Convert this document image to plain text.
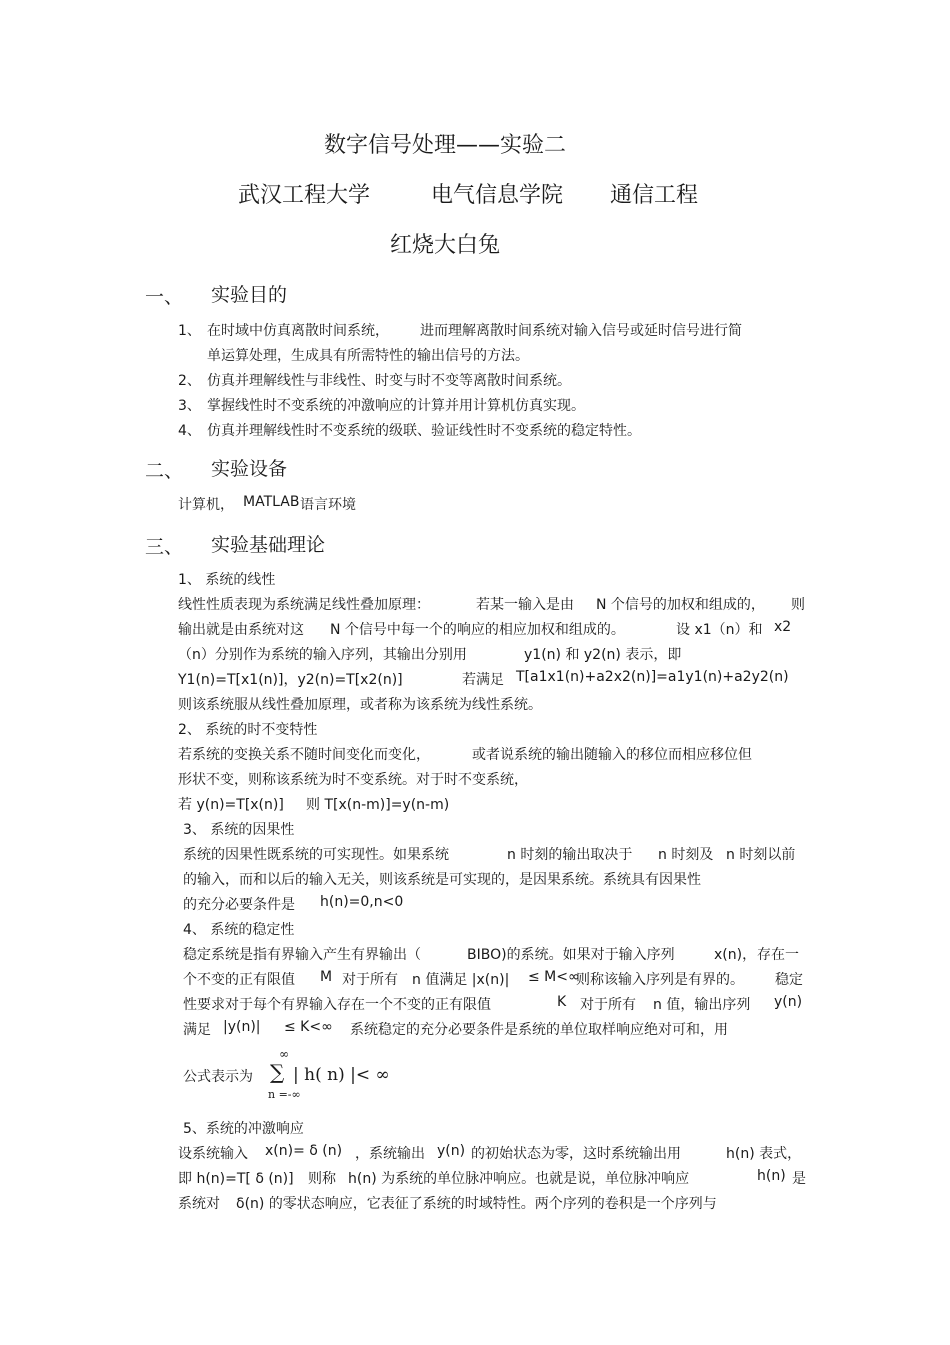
数字信号处理——实验二
武汉工程大学	电气信息学院 通信工程
红烧大白兔
一、 实验目的
1、 在时域中仿真离散时间系统， 进而理解离散时间系统对输入信号或延时信号进行简
单运算处理，生成具有所需特性的输出信号的方法。
2、 仿真并理解线性与非线性、时变与时不变等离散时间系统。
3、 掌握线性时不变系统的冲激响应的计算并用计算机仿真实现。
4、 仿真并理解线性时不变系统的级联、验证线性时不变系统的稳定特性。
二、 实验设备
计算机， MATLAB 语言环境
三、 实验基础理论
1、 系统的线性
线性性质表现为系统满足线性叠加原理：	若某一输入是由 N 个信号的加权和组成的， 则
输出就是由系统对这 N 个信号中每一个的响应的相应加权和组成的。	设 x1（n）和 x2
（n）分别作为系统的输入序列，其输出分别用	y1(n) 和 y2(n) 表示，即
Y1(n)=T[x1(n)]，y2(n)=T[x2(n)]	若满足 T[a1x1(n)+a2x2(n)]=a1y1(n)+a2y2(n)
则该系统服从线性叠加原理，或者称为该系统为线性系统。
2、 系统的时不变特性
若系统的变换关系不随时间变化而变化，	或者说系统的输出随输入的移位而相应移位但
形状不变，则称该系统为时不变系统。对于时不变系统，
若 y(n)=T[x(n)] 则 T[x(n-m)]=y(n-m)
3、 系统的因果性
系统的因果性既系统的可实现性。如果系统	n 时刻的输出取决于 n 时刻及 n 时刻以前
的输入，而和以后的输入无关，则该系统是可实现的，是因果系统。系统具有因果性
的充分必要条件是 h(n)=0,n<0
4、 系统的稳定性
稳定系统是指有界输入产生有界输出（	BIBO)的系统。如果对于输入序列	x(n)， 存在一
个不变的正有限值 M 对于所有 n 值满足 |x(n)| ≤ M<∞
则称该输入序列是有界的。 稳定
性要求对于每个有界输入存在一个不变的正有限值	K 对于所有 n 值，输出序列 y(n)
满足 |y(n)| ≤ K<∞ 系统稳定的充分必要条件是系统的单位取样响应绝对可和，用
公式表示为
∞
∑ | h( n) |< ∞
n =-∞
5、系统的冲激响应
设系统输入 x(n)= δ (n) ，系统输出 y(n) 的初始状态为零，这时系统输出用	h(n) 表式，
即 h(n)=T[ δ (n)] 则称 h(n) 为系统的单位脉冲响应。也就是说，单位脉冲响应	h(n) 是
系统对 δ(n) 的零状态响应，它表征了系统的时域特性。两个序列的卷积是一个序列与
